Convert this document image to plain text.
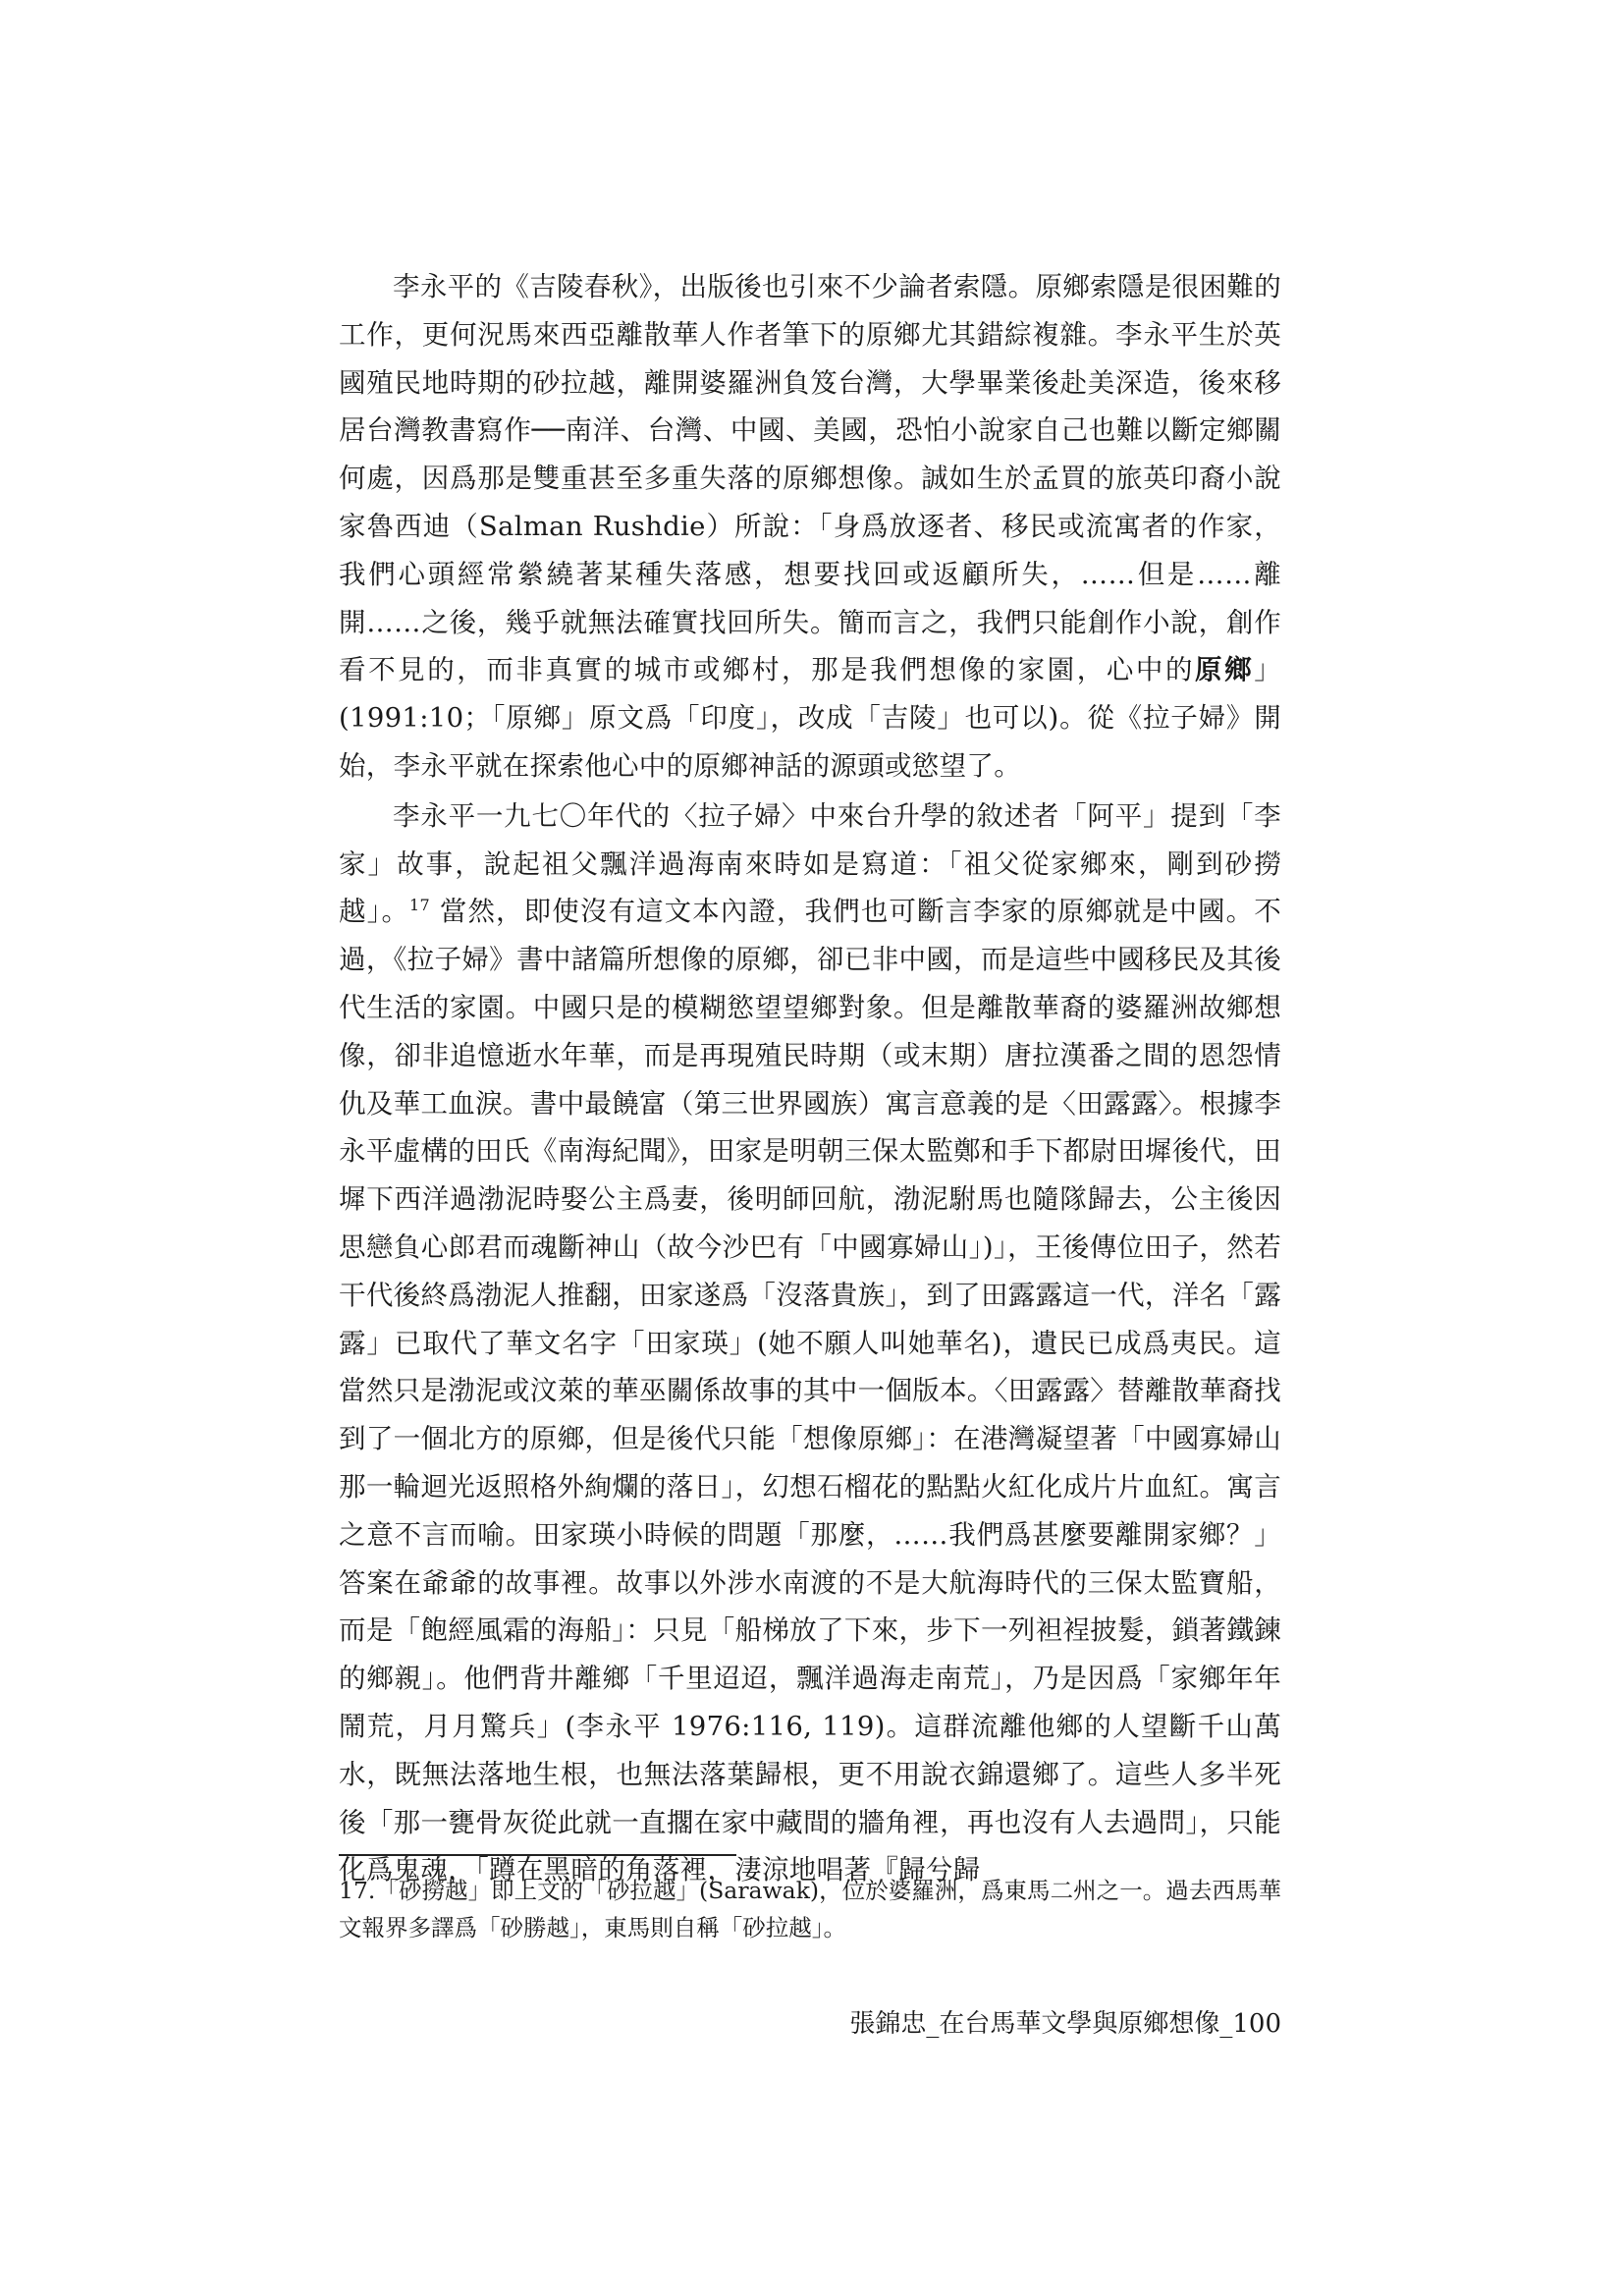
李永平的《吉陵春秋》，出版後也引來不少論者索隱。原鄉索隱是很困難的工作，更何況馬來西亞離散華人作者筆下的原鄉尤其錯綜複雜。李永平生於英國殖民地時期的砂拉越，離開婆羅洲負笈台灣，大學畢業後赴美深造，後來移居台灣教書寫作──南洋、台灣、中國、美國，恐怕小說家自己也難以斷定鄉關何處，因爲那是雙重甚至多重失落的原鄉想像。誠如生於孟買的旅英印裔小說家魯西迪（Salman Rushdie）所說：「身爲放逐者、移民或流寓者的作家，我們心頭經常縈繞著某種失落感，想要找回或返顧所失，……但是……離開……之後，幾乎就無法確實找回所失。簡而言之，我們只能創作小說，創作看不見的，而非真實的城市或鄉村，那是我們想像的家園，心中的原鄉」(1991:10；「原鄉」原文爲「印度」，改成「吉陵」也可以)。從《拉子婦》開始，李永平就在探索他心中的原鄉神話的源頭或慾望了。

李永平一九七〇年代的〈拉子婦〉中來台升學的敘述者「阿平」提到「李家」故事，說起祖父飄洋過海南來時如是寫道：「祖父從家鄉來，剛到砂撈越」。$^{17}$ 當然，即使沒有這文本內證，我們也可斷言李家的原鄉就是中國。不過，《拉子婦》書中諸篇所想像的原鄉，卻已非中國，而是這些中國移民及其後代生活的家園。中國只是的模糊慾望望鄉對象。但是離散華裔的婆羅洲故鄉想像，卻非追憶逝水年華，而是再現殖民時期（或末期）唐拉漢番之間的恩怨情仇及華工血淚。書中最饒富（第三世界國族）寓言意義的是〈田露露〉。根據李永平虛構的田氏《南海紀聞》，田家是明朝三保太監鄭和手下都尉田墀後代，田墀下西洋過渤泥時娶公主爲妻，後明師回航，渤泥駙馬也隨隊歸去，公主後因思戀負心郎君而魂斷神山（故今沙巴有「中國寡婦山」)」，王後傳位田子，然若干代後終爲渤泥人推翻，田家遂爲「沒落貴族」，到了田露露這一代，洋名「露露」已取代了華文名字「田家瑛」(她不願人叫她華名)，遺民已成爲夷民。這當然只是渤泥或汶萊的華巫關係故事的其中一個版本。〈田露露〉替離散華裔找到了一個北方的原鄉，但是後代只能「想像原鄉」：在港灣凝望著「中國寡婦山那一輪迴光返照格外絢爛的落日」，幻想石榴花的點點火紅化成片片血紅。寓言之意不言而喻。田家瑛小時候的問題「那麼，……我們爲甚麼要離開家鄉？」答案在爺爺的故事裡。故事以外涉水南渡的不是大航海時代的三保太監寶船，而是「飽經風霜的海船」：只見「船梯放了下來，步下一列袒裎披髮，鎖著鐵鍊的鄉親」。他們背井離鄉「千里迢迢，飄洋過海走南荒」，乃是因爲「家鄉年年鬧荒，月月驚兵」(李永平 1976:116, 119)。這群流離他鄉的人望斷千山萬水，既無法落地生根，也無法落葉歸根，更不用說衣錦還鄉了。這些人多半死後「那一甕骨灰從此就一直擱在家中藏間的牆角裡，再也沒有人去過問」，只能化爲鬼魂，「蹲在黑暗的角落裡，淒涼地唱著『歸兮歸

17.「砂撈越」即上文的「砂拉越」(Sarawak)，位於婆羅洲，爲東馬二州之一。過去西馬華文報界多譯爲「砂勝越」，東馬則自稱「砂拉越」。

張錦忠_在台馬華文學與原鄉想像_100
